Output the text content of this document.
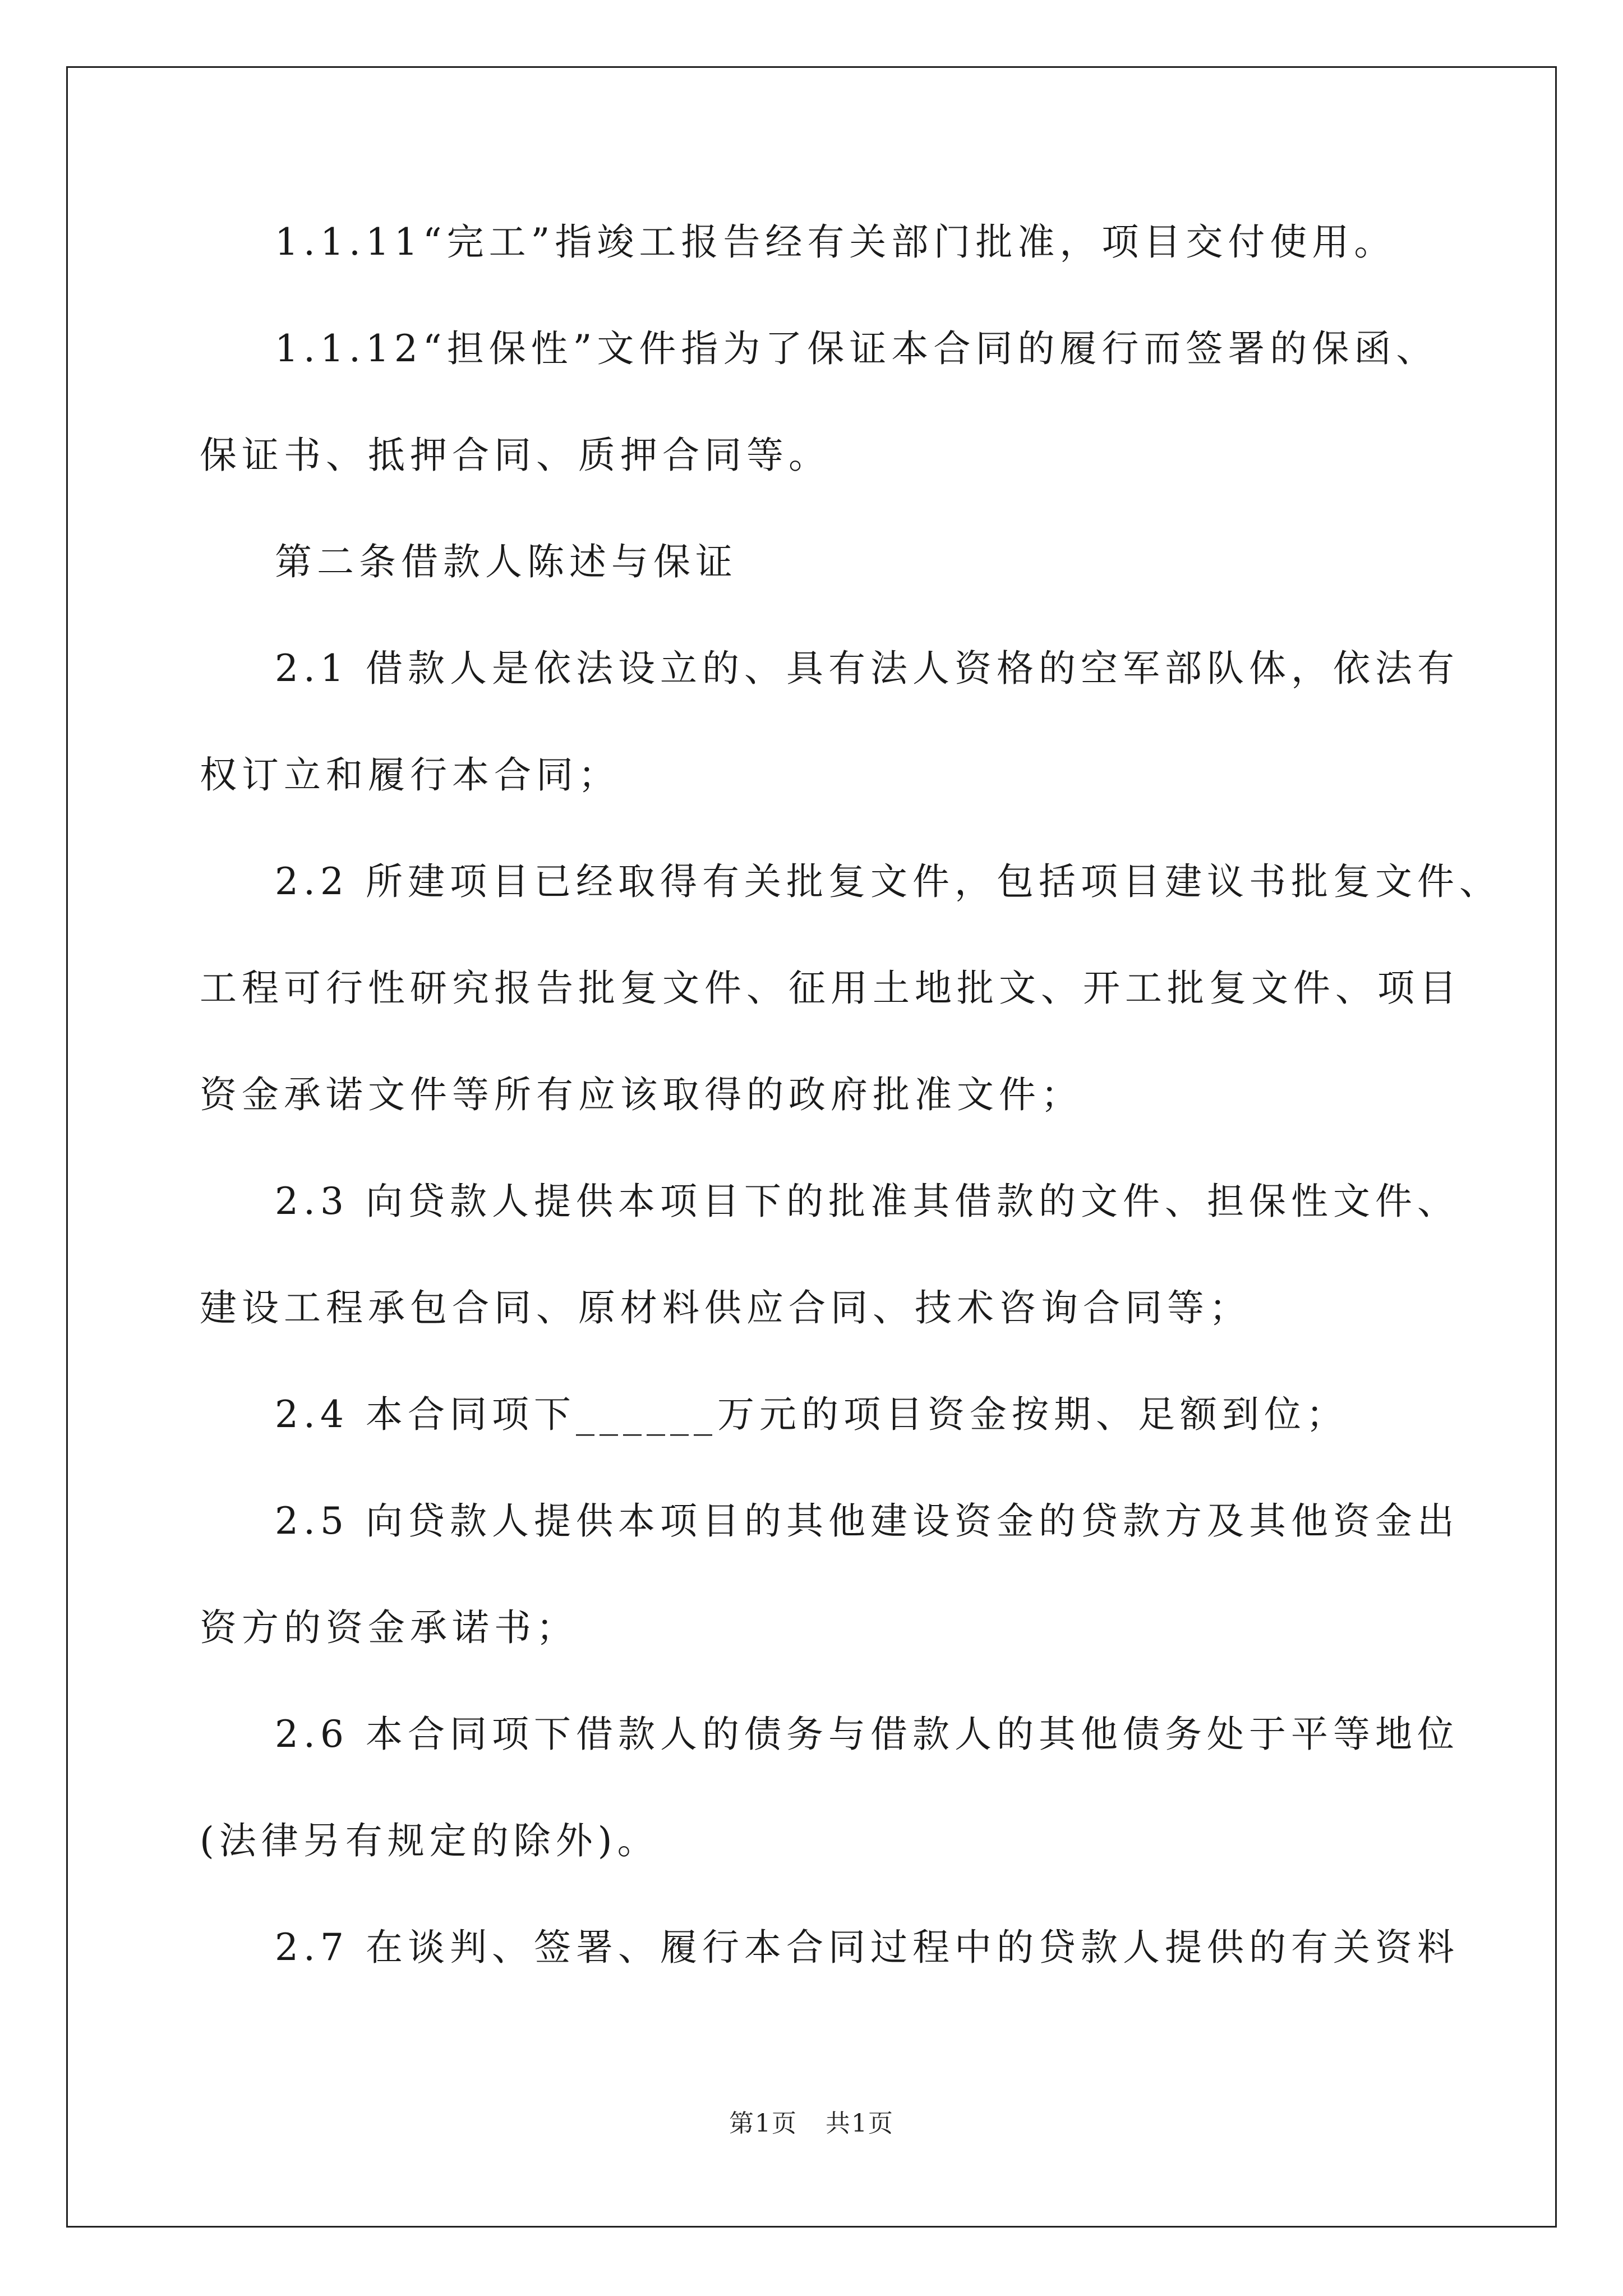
1.1.11“完工”指竣工报告经有关部门批准，项目交付使用。
1.1.12“担保性”文件指为了保证本合同的履行而签署的保函、
保证书、抵押合同、质押合同等。
第二条借款人陈述与保证
2.1 借款人是依法设立的、具有法人资格的空军部队体，依法有
权订立和履行本合同；
2.2 所建项目已经取得有关批复文件，包括项目建议书批复文件、
工程可行性研究报告批复文件、征用土地批文、开工批复文件、项目
资金承诺文件等所有应该取得的政府批准文件；
2.3 向贷款人提供本项目下的批准其借款的文件、担保性文件、
建设工程承包合同、原材料供应合同、技术咨询合同等；
2.4 本合同项下______万元的项目资金按期、足额到位；
2.5 向贷款人提供本项目的其他建设资金的贷款方及其他资金出
资方的资金承诺书；
2.6 本合同项下借款人的债务与借款人的其他债务处于平等地位
(法律另有规定的除外)。
2.7 在谈判、签署、履行本合同过程中的贷款人提供的有关资料
第1页 共1页
